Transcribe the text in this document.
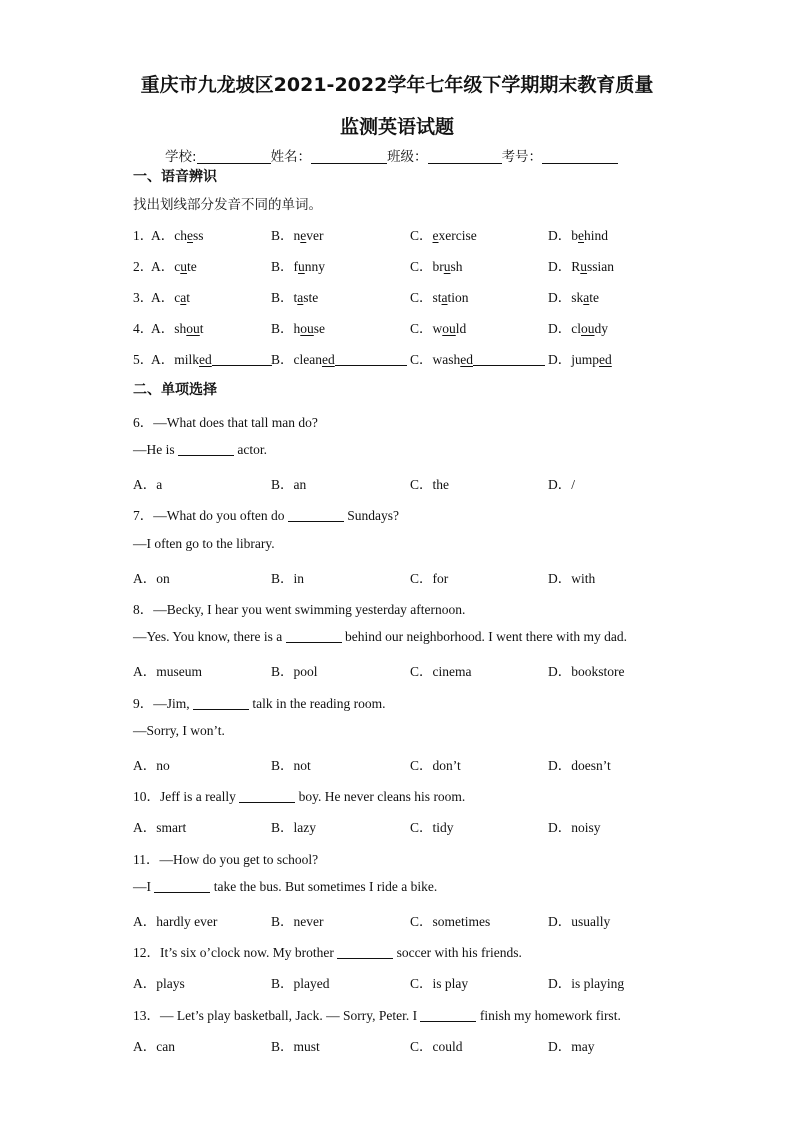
重庆市九龙坡区2021-2022学年七年级下学期期末教育质量
监测英语试题
学校:	姓名：	班级：	考号：
一、语音辨识
找出划线部分发音不同的单词。
1．
A．chess	B．never	C．exercise	D．behind
2．
A．cute	B．funny	C．brush	D．Russian
3．
A．cat	B．taste	C．station	D．skate
4．
A．shout	B．house	C．would	D．cloudy
5．
A．milked	B．cleaned	C．washed	D．jumped
二、单项选择
6．—What does that tall man do?
—He is	actor.
A．a	B．an	C．the	D．/
7．—What do you often do	Sundays?
—I often go to the library.
A．on	B．in	C．for	D．with
8．—Becky, I hear you went swimming yesterday afternoon.
—Yes. You know, there is a	behind our neighborhood. I went there with my dad.
A．museum	B．pool	C．cinema	D．bookstore
9．—Jim,	talk in the reading room.
—Sorry, I won’t.
A．no	B．not	C．don’t	D．doesn’t
10．Jeff is a really	boy. He never cleans his room.
A．smart	B．lazy	C．tidy	D．noisy
11．—How do you get to school?
—I	take the bus. But sometimes I ride a bike.
A．hardly ever	B．never	C．sometimes	D．usually
12．It’s six o’clock now. My brother	soccer with his friends.
A．plays	B．played	C．is play	D．is playing
13．— Let’s play basketball, Jack. — Sorry, Peter. I	finish my homework first.
A．can	B．must	C．could	D．may
